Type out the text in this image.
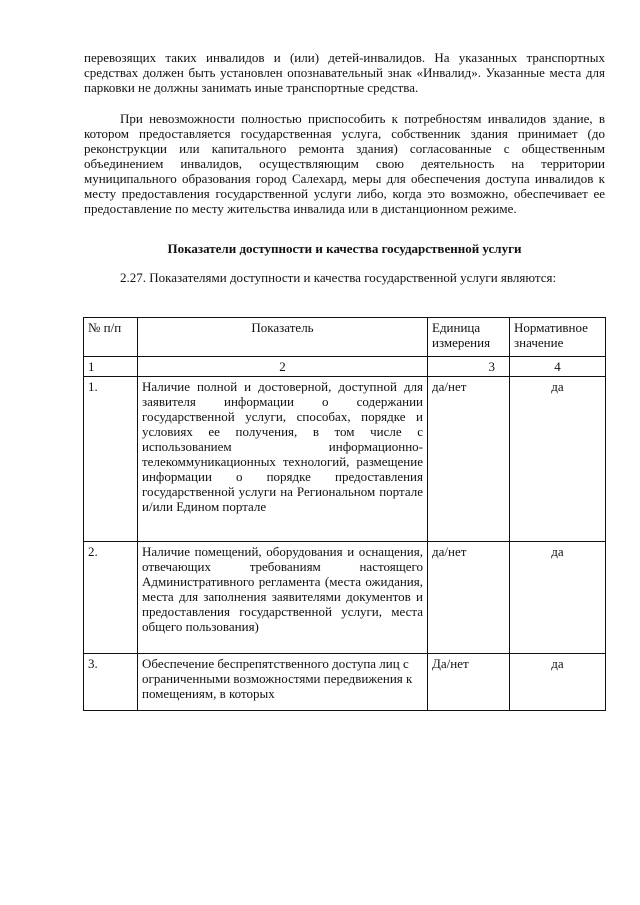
перевозящих таких инвалидов и (или) детей-инвалидов. На указанных транспортных средствах должен быть установлен опознавательный знак «Инвалид». Указанные места для парковки не должны занимать иные транспортные средства.

При невозможности полностью приспособить к потребностям инвалидов здание, в котором предоставляется государственная услуга, собственник здания принимает (до реконструкции или капитального ремонта здания) согласованные с общественным объединением инвалидов, осуществляющим свою деятельность на территории муниципального образования город Салехард, меры для обеспечения доступа инвалидов к месту предоставления государственной услуги либо, когда это возможно, обеспечивает ее предоставление по месту жительства инвалида или в дистанционном режиме.

Показатели доступности и качества государственной услуги

2.27. Показателями доступности и качества государственной услуги являются:

№ п/п	Показатель	Единица измерения	Нормативное значение
1	2	3	4
1.	Наличие полной и достоверной, доступной для заявителя информации о содержании государственной услуги, способах, порядке и условиях ее получения, в том числе с использованием информационно-телекоммуникационных технологий, размещение информации о порядке предоставления государственной услуги на Региональном портале и/или Едином портале	да/нет	да
2.	Наличие помещений, оборудования и оснащения, отвечающих требованиям настоящего Административного регламента (места ожидания, места для заполнения заявителями документов и предоставления государственной услуги, места общего пользования)	да/нет	да
3.	Обеспечение беспрепятственного доступа лиц с ограниченными возможностями передвижения к помещениям, в которых	Да/нет	да
